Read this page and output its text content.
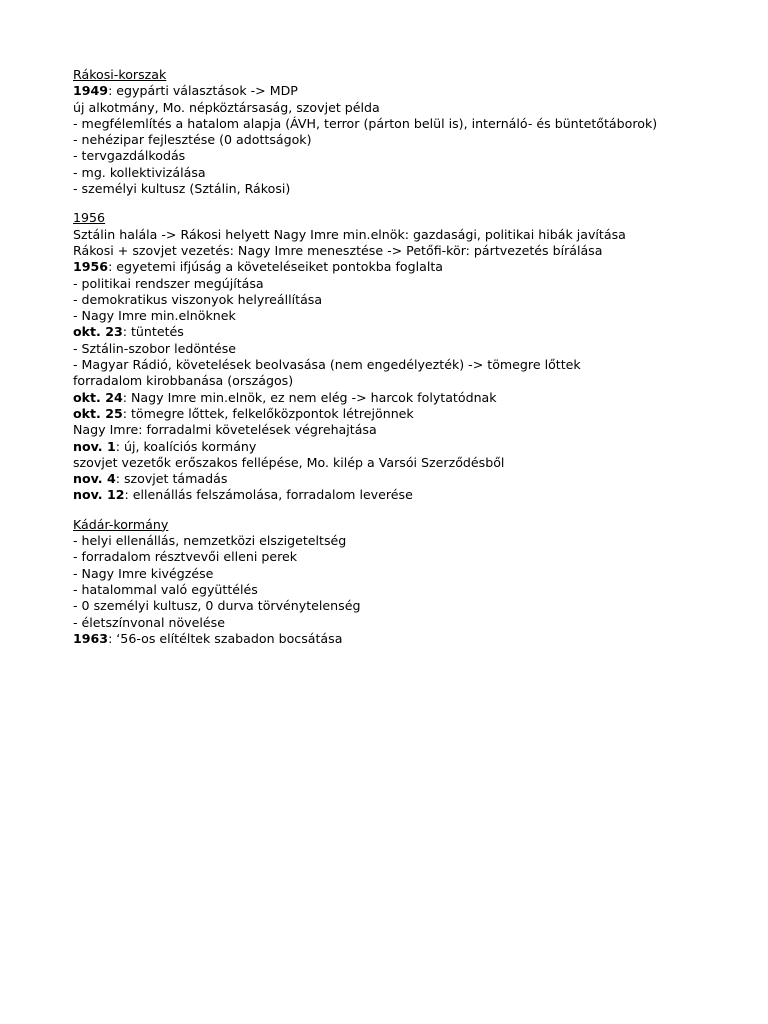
Rákosi-korszak
1949: egypárti választások -> MDP
új alkotmány, Mo. népköztársaság, szovjet példa
- megfélemlítés a hatalom alapja (ÁVH, terror (párton belül is), internáló- és büntetőtáborok)
- nehézipar fejlesztése (0 adottságok)
- tervgazdálkodás
- mg. kollektivizálása
- személyi kultusz (Sztálin, Rákosi)
1956
Sztálin halála -> Rákosi helyett Nagy Imre min.elnök: gazdasági, politikai hibák javítása
Rákosi + szovjet vezetés: Nagy Imre menesztése -> Petőfi-kör: pártvezetés bírálása
1956: egyetemi ifjúság a követeléseiket pontokba foglalta
- politikai rendszer megújítása
- demokratikus viszonyok helyreállítása
- Nagy Imre min.elnöknek
okt. 23: tüntetés
- Sztálin-szobor ledöntése
- Magyar Rádió, követelések beolvasása (nem engedélyezték) -> tömegre lőttek
forradalom kirobbanása (országos)
okt. 24: Nagy Imre min.elnök, ez nem elég -> harcok folytatódnak
okt. 25: tömegre lőttek, felkelőközpontok létrejönnek
Nagy Imre: forradalmi követelések végrehajtása
nov. 1: új, koalíciós kormány
szovjet vezetők erőszakos fellépése, Mo. kilép a Varsói Szerződésből
nov. 4: szovjet támadás
nov. 12: ellenállás felszámolása, forradalom leverése
Kádár-kormány
- helyi ellenállás, nemzetközi elszigeteltség
- forradalom résztvevői elleni perek
- Nagy Imre kivégzése
- hatalommal való együttélés
- 0 személyi kultusz, 0 durva törvénytelenség
- életszínvonal növelése
1963: ‘56-os elítéltek szabadon bocsátása
